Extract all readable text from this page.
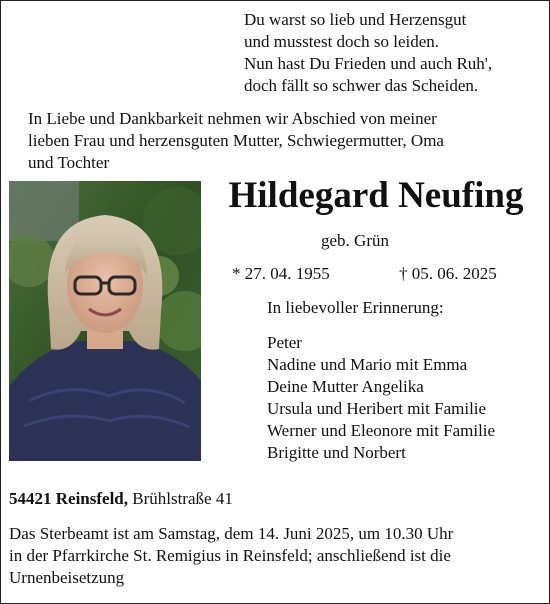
Du warst so lieb und Herzensgut
und musstest doch so leiden.
Nun hast Du Frieden und auch Ruh',
doch fällt so schwer das Scheiden.
In Liebe und Dankbarkeit nehmen wir Abschied von meiner
lieben Frau und herzensguten Mutter, Schwiegermutter, Oma
und Tochter
Hildegard Neufing
geb. Grün
* 27. 04. 1955	† 05. 06. 2025
In liebevoller Erinnerung:
Peter
Nadine und Mario mit Emma
Deine Mutter Angelika
Ursula und Heribert mit Familie
Werner und Eleonore mit Familie
Brigitte und Norbert
54421 Reinsfeld, Brühlstraße 41
Das Sterbeamt ist am Samstag, dem 14. Juni 2025, um 10.30 Uhr
in der Pfarrkirche St. Remigius in Reinsfeld; anschließend ist die
Urnenbeisetzung
